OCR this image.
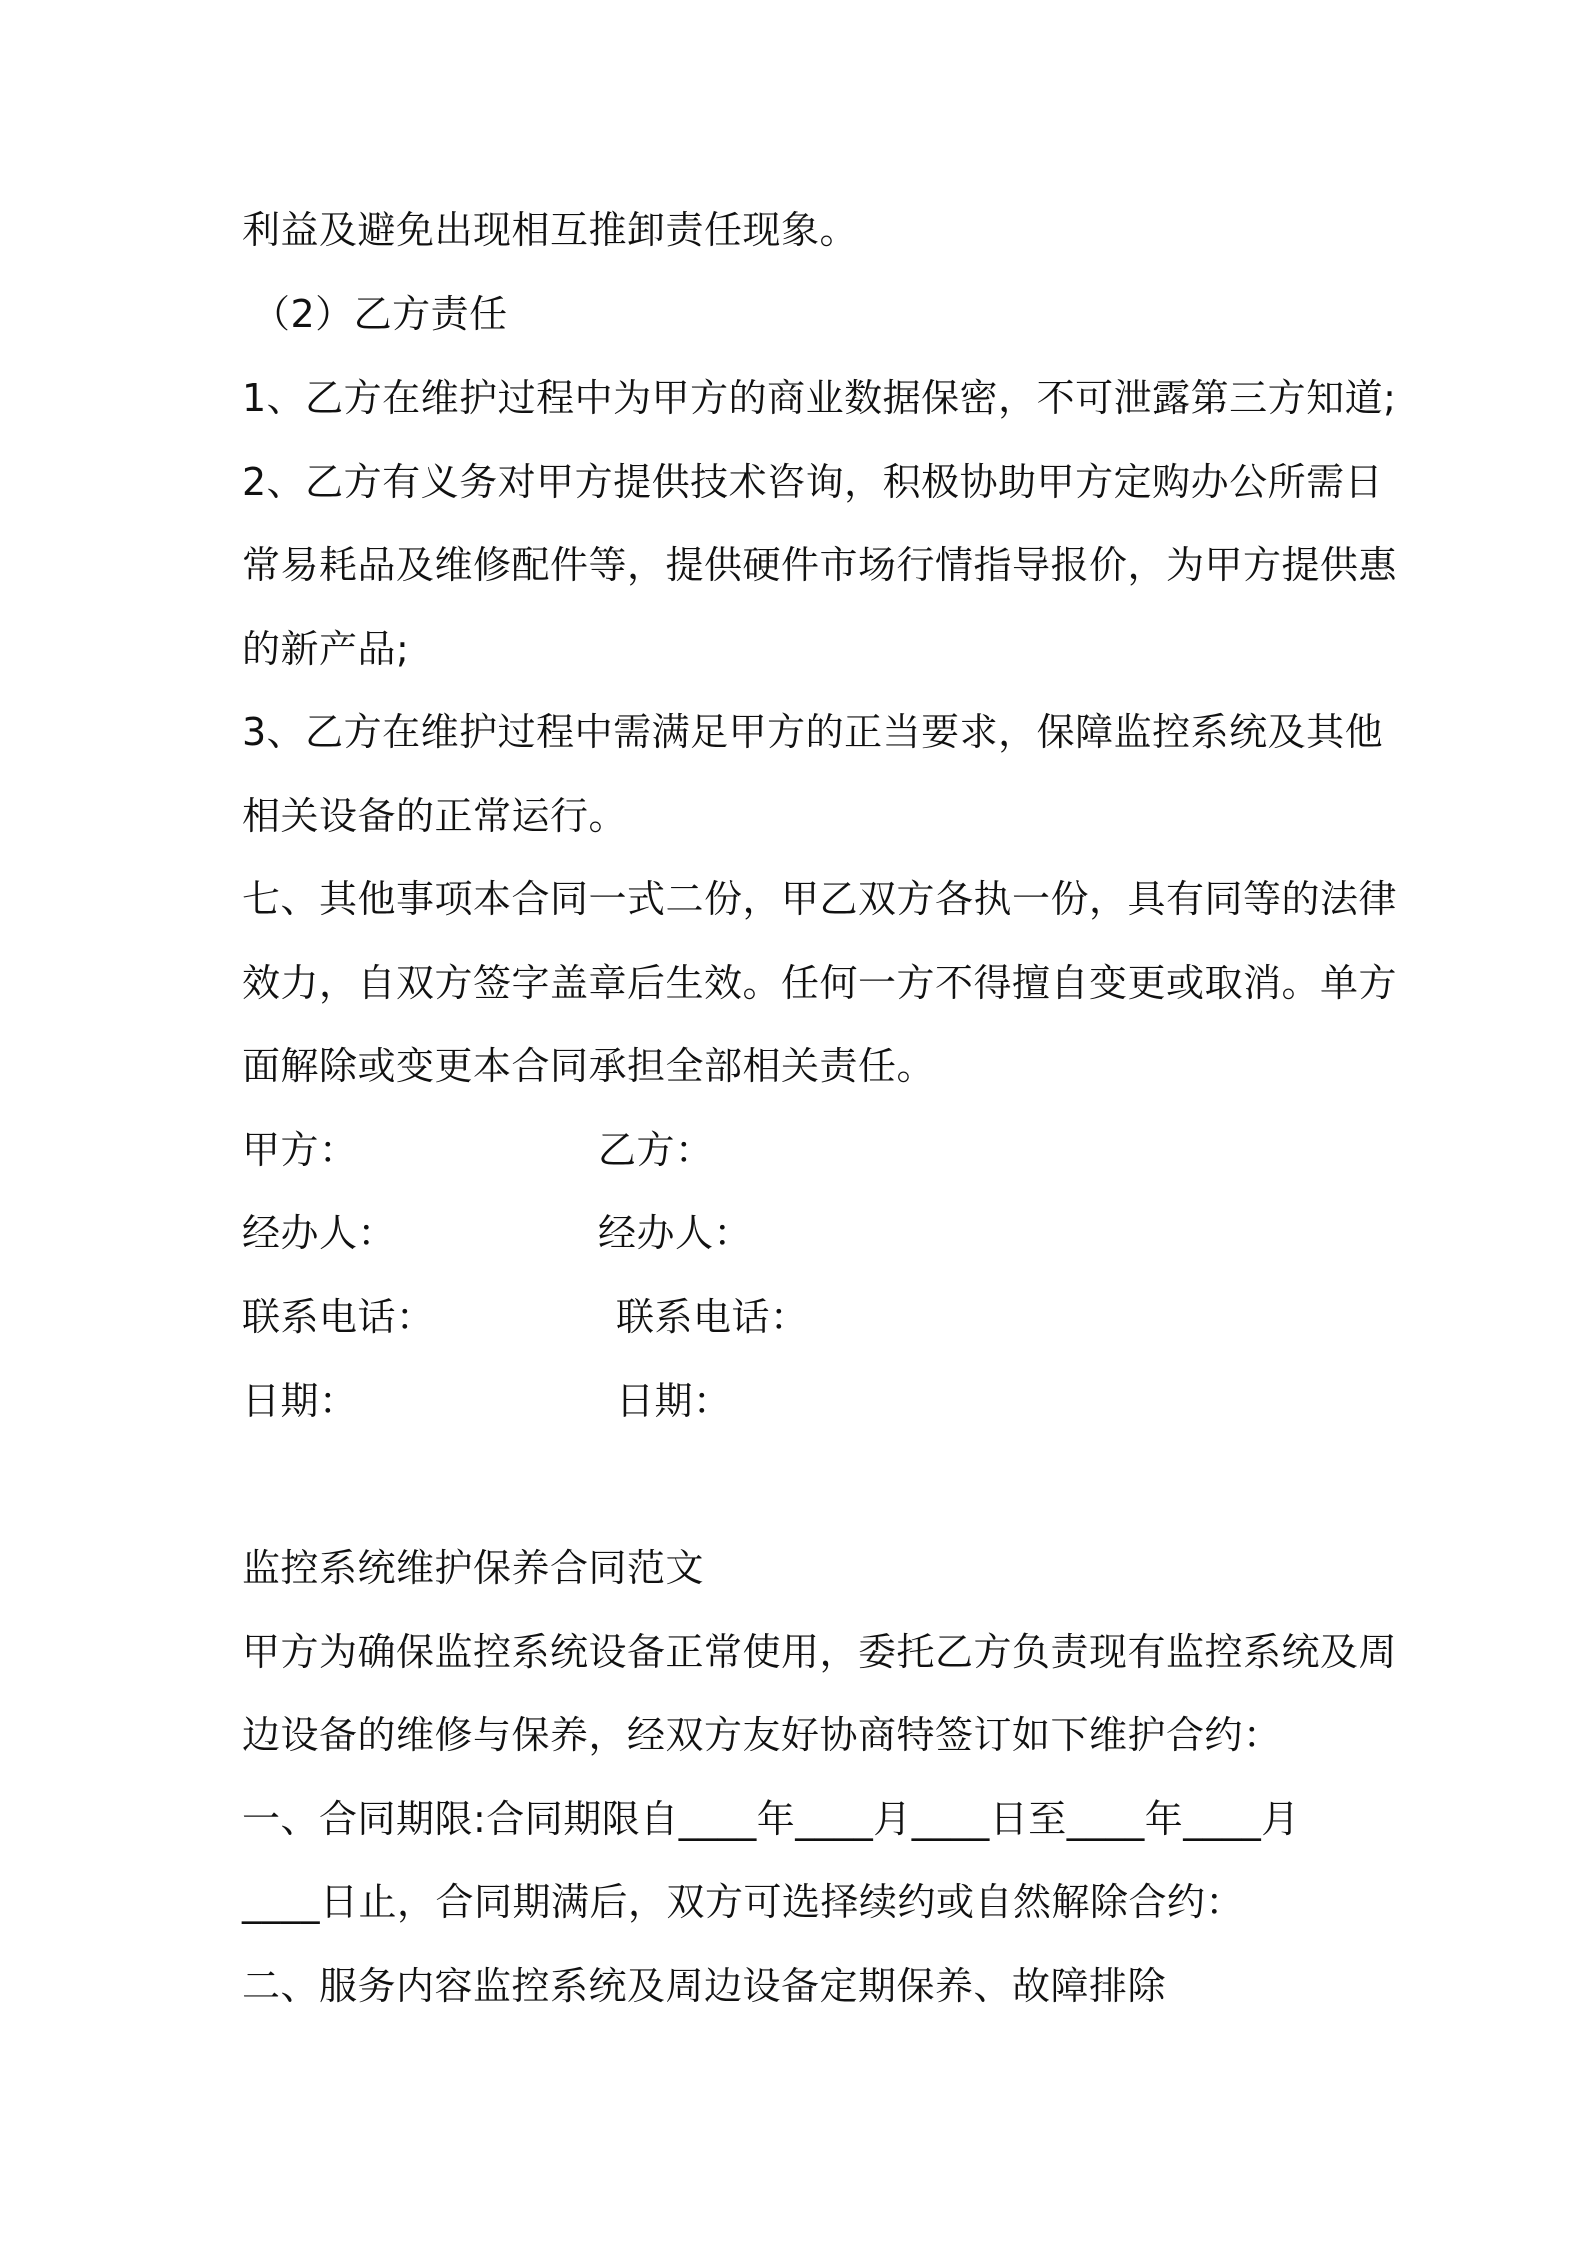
利益及避免出现相互推卸责任现象。
（2）乙方责任
1、乙方在维护过程中为甲方的商业数据保密，不可泄露第三方知道;
2、乙方有义务对甲方提供技术咨询，积极协助甲方定购办公所需日
常易耗品及维修配件等，提供硬件市场行情指导报价，为甲方提供惠
的新产品;
3、乙方在维护过程中需满足甲方的正当要求，保障监控系统及其他
相关设备的正常运行。
七、其他事项本合同一式二份，甲乙双方各执一份，具有同等的法律
效力，自双方签字盖章后生效。任何一方不得擅自变更或取消。单方
面解除或变更本合同承担全部相关责任。
甲方：	乙方：
经办人：	经办人：
联系电话：	联系电话：
日期：	日期：
监控系统维护保养合同范文
甲方为确保监控系统设备正常使用，委托乙方负责现有监控系统及周
边设备的维修与保养，经双方友好协商特签订如下维护合约：
一、合同期限:合同期限自____年____月____日至____年____月
____日止，合同期满后，双方可选择续约或自然解除合约：
二、服务内容监控系统及周边设备定期保养、故障排除
